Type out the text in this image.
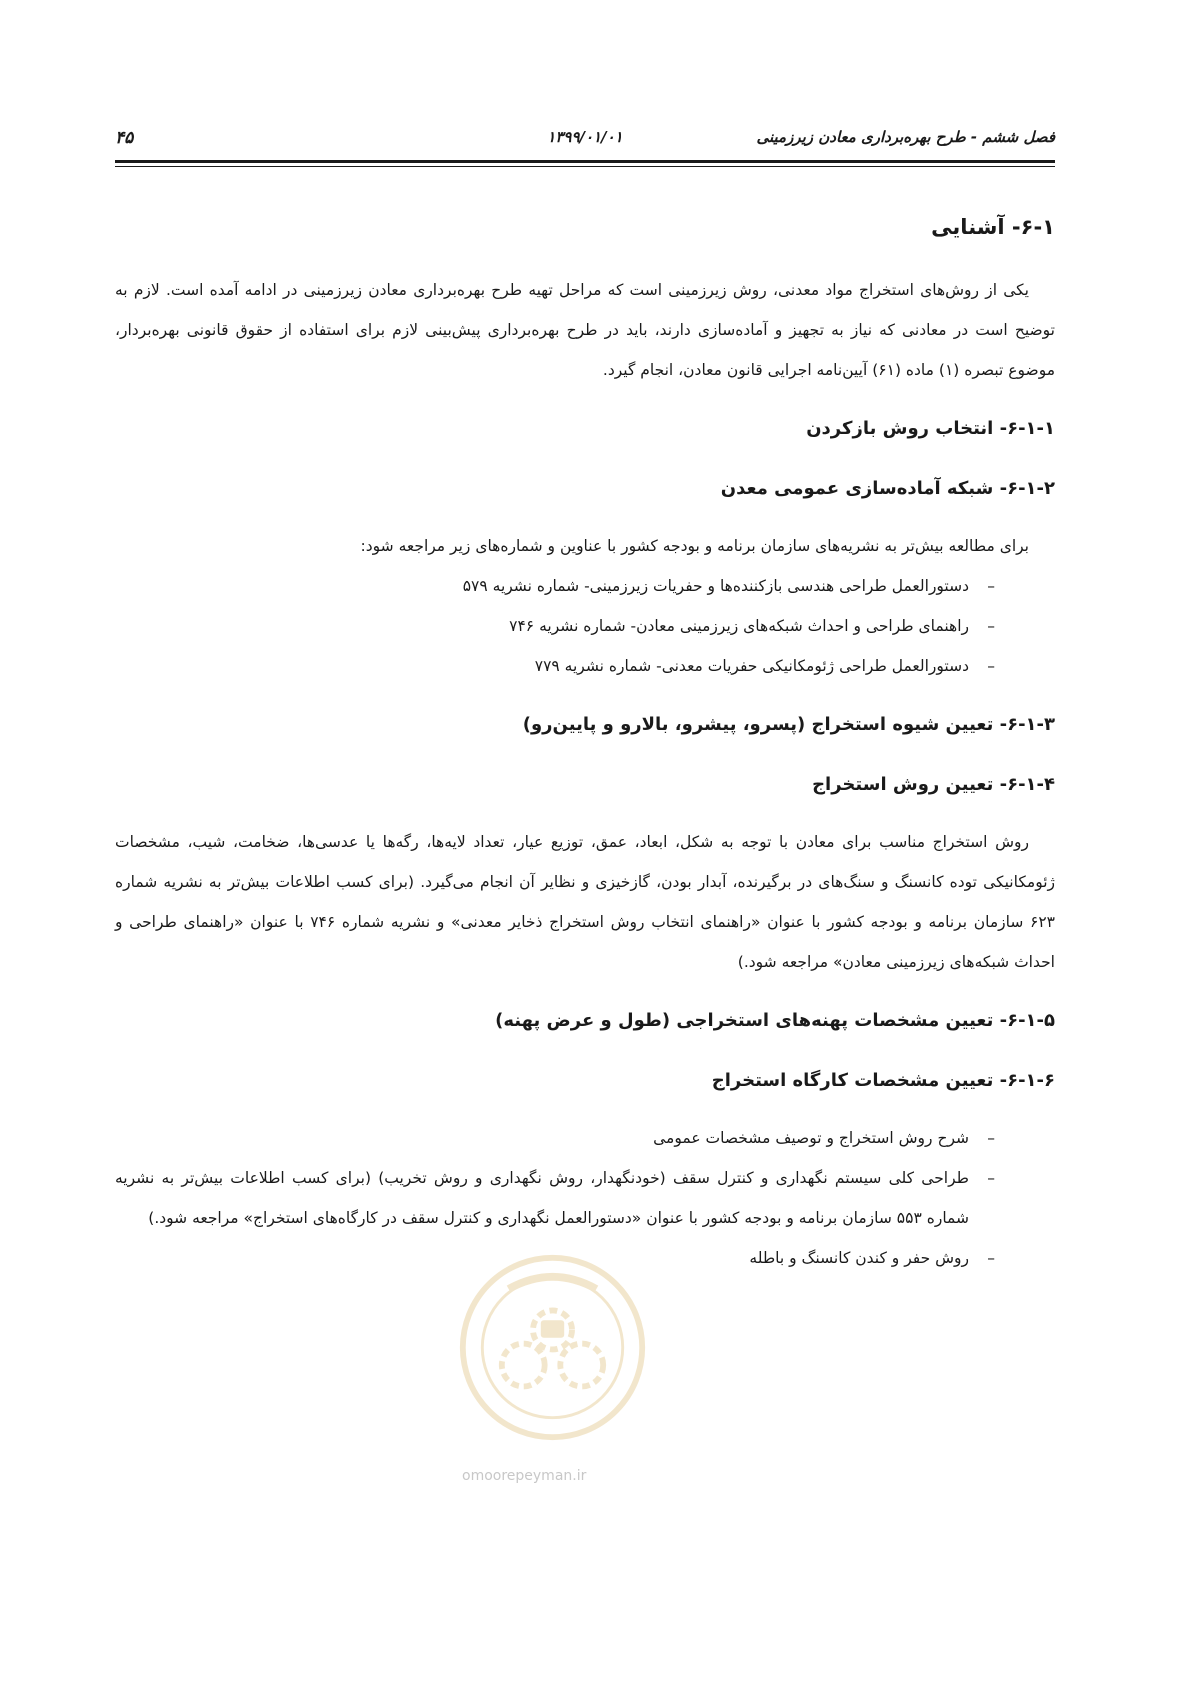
فصل ششم - طرح بهره‌برداری معادن زیرزمینی
۱۳۹۹/۰۱/۰۱
۴۵
۶-۱- آشنایی

یکی از روش‌های استخراج مواد معدنی، روش زیرزمینی است که مراحل تهیه طرح بهره‌برداری معادن زیرزمینی در ادامه آمده است. لازم به توضیح است در معادنی که نیاز به تجهیز و آماده‌سازی دارند، باید در طرح بهره‌برداری پیش‌بینی لازم برای استفاده از حقوق قانونی بهره‌بردار، موضوع تبصره (۱) ماده (۶۱) آیین‌نامه اجرایی قانون معادن، انجام گیرد.

۶-۱-۱- انتخاب روش بازکردن
۶-۱-۲- شبکه آماده‌سازی عمومی معدن

برای مطالعه بیش‌تر به نشریه‌های سازمان برنامه و بودجه کشور با عناوین و شماره‌های زیر مراجعه شود:

–
دستورالعمل طراحی هندسی بازکننده‌ها و حفریات زیرزمینی- شماره نشریه ۵۷۹
–
راهنمای طراحی و احداث شبکه‌های زیرزمینی معادن- شماره نشریه ۷۴۶
–
دستورالعمل طراحی ژئومکانیکی حفریات معدنی- شماره نشریه ۷۷۹
۶-۱-۳- تعیین شیوه استخراج (پسرو، پیشرو، بالارو و پایین‌رو)
۶-۱-۴- تعیین روش استخراج

روش استخراج مناسب برای معادن با توجه به شکل، ابعاد، عمق، توزیع عیار، تعداد لایه‌ها، رگه‌ها یا عدسی‌ها، ضخامت، شیب، مشخصات ژئومکانیکی توده کانسنگ و سنگ‌های در برگیرنده، آبدار بودن، گازخیزی و نظایر آن انجام می‌گیرد. (برای کسب اطلاعات بیش‌تر به نشریه شماره ۶۲۳ سازمان برنامه و بودجه کشور با عنوان «راهنمای انتخاب روش استخراج ذخایر معدنی» و نشریه شماره ۷۴۶ با عنوان «راهنمای طراحی و احداث شبکه‌های زیرزمینی معادن» مراجعه شود.)

۶-۱-۵- تعیین مشخصات پهنه‌های استخراجی (طول و عرض پهنه)
۶-۱-۶- تعیین مشخصات کارگاه استخراج
–
شرح روش استخراج و توصیف مشخصات عمومی
–
طراحی کلی سیستم نگهداری و کنترل سقف (خودنگهدار، روش نگهداری و روش تخریب) (برای کسب اطلاعات بیش‌تر به نشریه شماره ۵۵۳ سازمان برنامه و بودجه کشور با عنوان «دستورالعمل نگهداری و کنترل سقف در کارگاه‌های استخراج» مراجعه شود.)
–
روش حفر و کندن کانسنگ و باطله
omoorepeyman.ir
